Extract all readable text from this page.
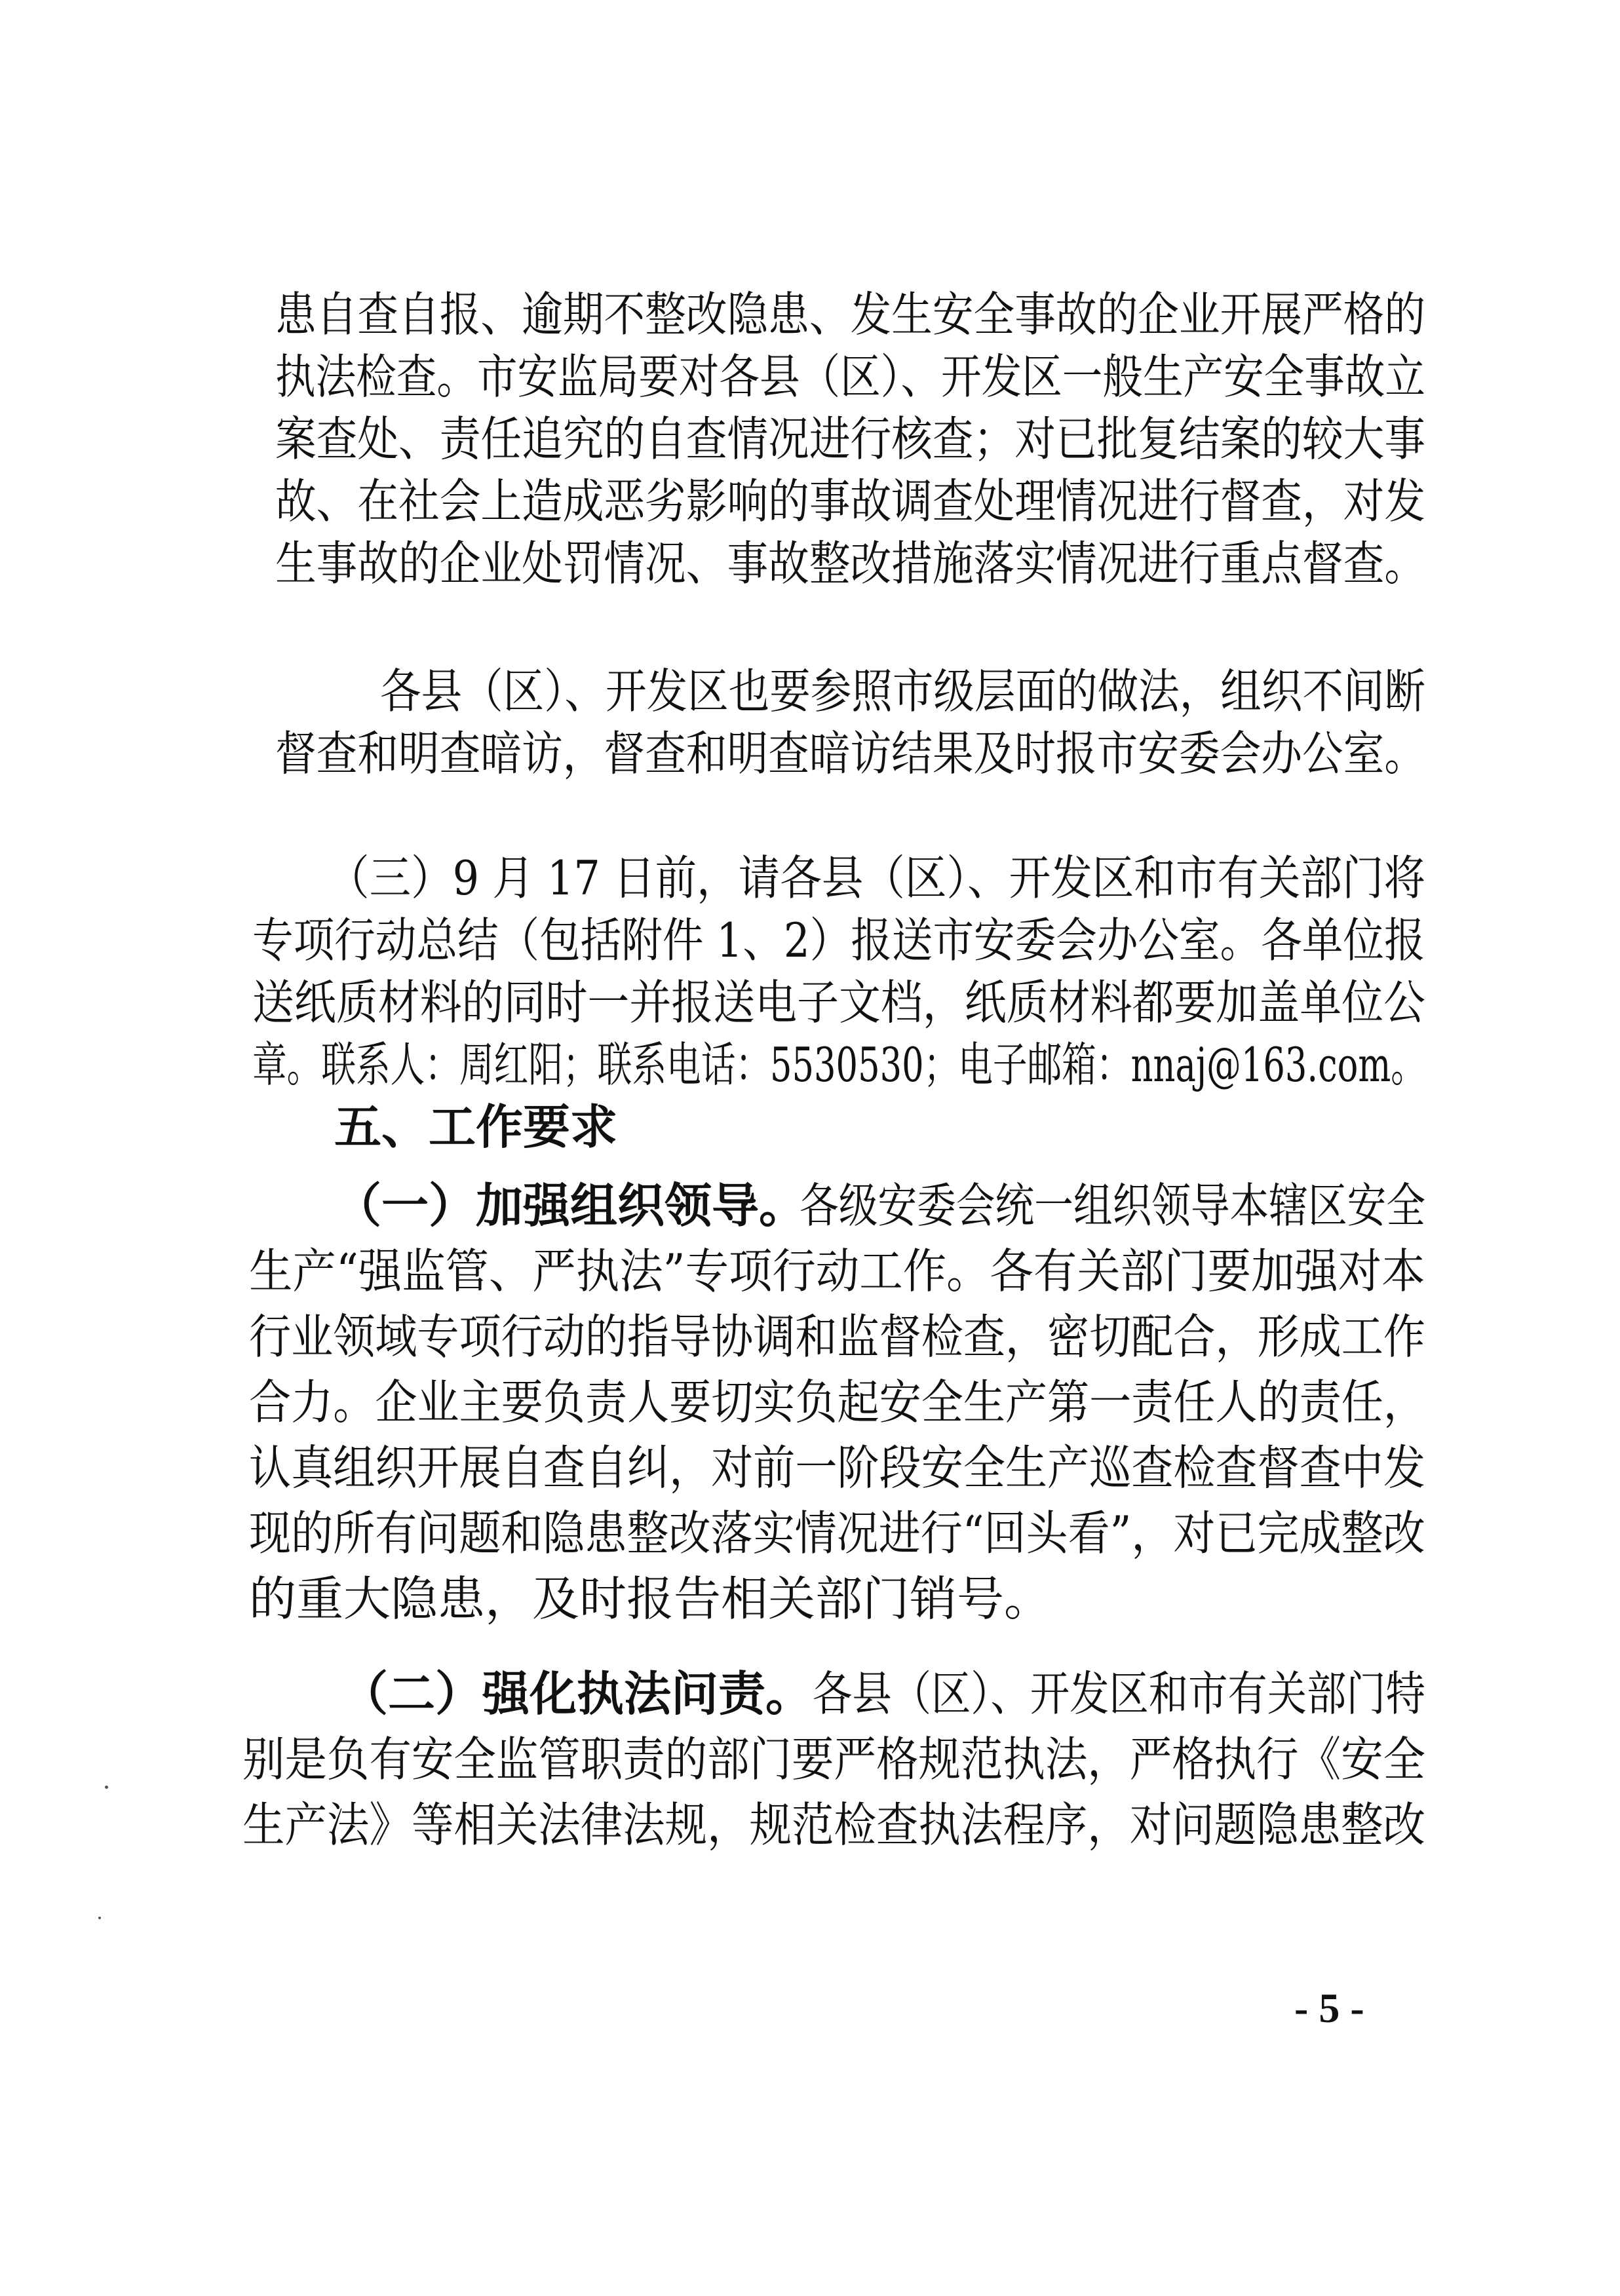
患自查自报、逾期不整改隐患、发生安全事故的企业开展严格的
执法检查。市安监局要对各县（区）、开发区一般生产安全事故立
案查处、责任追究的自查情况进行核查；对已批复结案的较大事
故、在社会上造成恶劣影响的事故调查处理情况进行督查，对发
生事故的企业处罚情况、事故整改措施落实情况进行重点督查。
各县（区）、开发区也要参照市级层面的做法，组织不间断
督查和明查暗访，督查和明查暗访结果及时报市安委会办公室。
（三）9 月 17 日前，请各县（区）、开发区和市有关部门将
专项行动总结（包括附件 1、2）报送市安委会办公室。各单位报
送纸质材料的同时一并报送电子文档，纸质材料都要加盖单位公
章。联系人：周红阳；联系电话：5530530；电子邮箱：nnaj@163.com。
五、工作要求
（一）加强组织领导。
各级安委会统一组织领导本辖区安全
生产“强监管、严执法”专项行动工作。各有关部门要加强对本
行业领域专项行动的指导协调和监督检查，密切配合，形成工作
合力。企业主要负责人要切实负起安全生产第一责任人的责任，
认真组织开展自查自纠，对前一阶段安全生产巡查检查督查中发
现的所有问题和隐患整改落实情况进行“回头看”，对已完成整改
的重大隐患，及时报告相关部门销号。
（二）强化执法问责。 各县（区）、开发区和市有关部门特
别是负有安全监管职责的部门要严格规范执法，严格执行《安全
生产法》等相关法律法规，规范检查执法程序，对问题隐患整改
- 5 -
